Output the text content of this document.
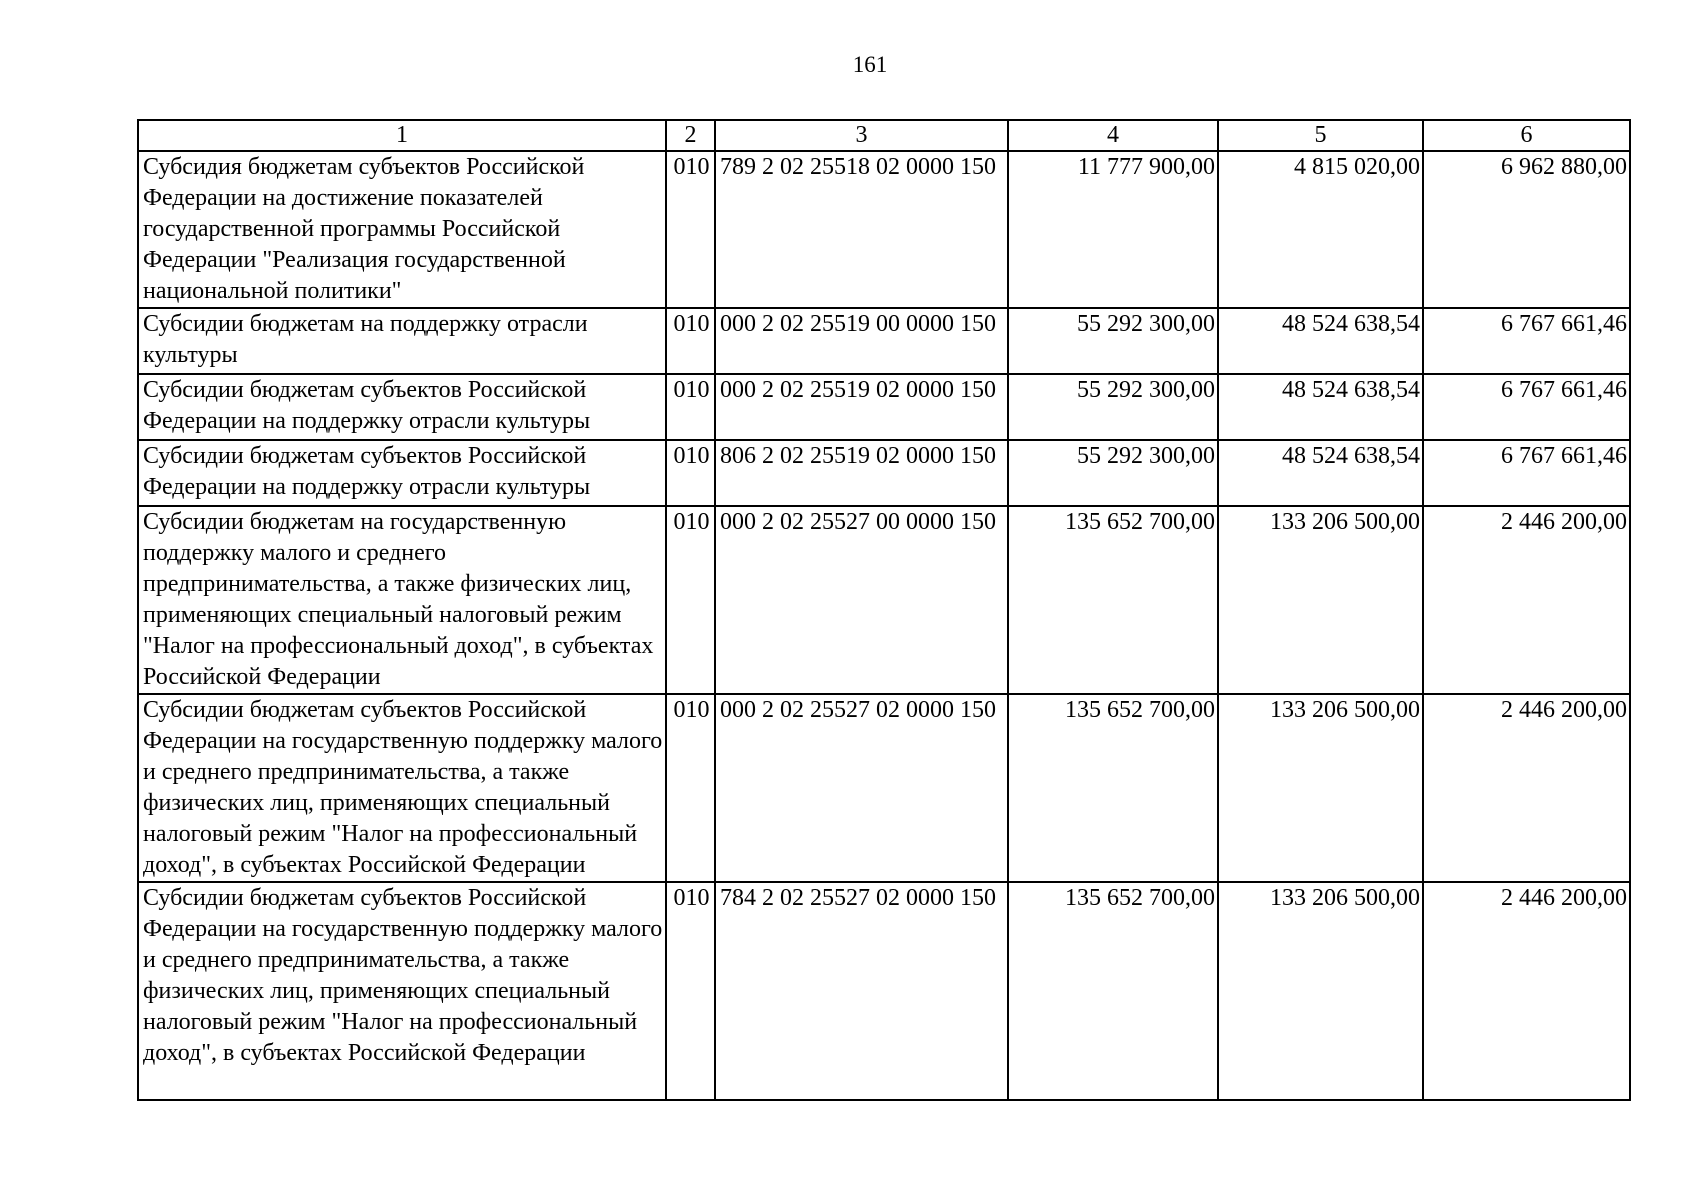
161
1	2	3	4	5	6
Субсидия бюджетам субъектов Российской Федерации на достижение показателей государственной программы Российской Федерации "Реализация государственной национальной политики"	010	789 2 02 25518 02 0000 150	11 777 900,00	4 815 020,00	6 962 880,00
Субсидии бюджетам на поддержку отрасли культуры	010	000 2 02 25519 00 0000 150	55 292 300,00	48 524 638,54	6 767 661,46
Субсидии бюджетам субъектов Российской Федерации на поддержку отрасли культуры	010	000 2 02 25519 02 0000 150	55 292 300,00	48 524 638,54	6 767 661,46
Субсидии бюджетам субъектов Российской Федерации на поддержку отрасли культуры	010	806 2 02 25519 02 0000 150	55 292 300,00	48 524 638,54	6 767 661,46
Субсидии бюджетам на государственную поддержку малого и среднего предпринимательства, а также физических лиц, применяющих специальный налоговый режим "Налог на профессиональный доход", в субъектах Российской Федерации	010	000 2 02 25527 00 0000 150	135 652 700,00	133 206 500,00	2 446 200,00
Субсидии бюджетам субъектов Российской Федерации на государственную поддержку малого и среднего предпринимательства, а также физических лиц, применяющих специальный налоговый режим "Налог на профессиональный доход", в субъектах Российской Федерации	010	000 2 02 25527 02 0000 150	135 652 700,00	133 206 500,00	2 446 200,00
Субсидии бюджетам субъектов Российской Федерации на государственную поддержку малого и среднего предпринимательства, а также физических лиц, применяющих специальный налоговый режим "Налог на профессиональный доход", в субъектах Российской Федерации	010	784 2 02 25527 02 0000 150	135 652 700,00	133 206 500,00	2 446 200,00
